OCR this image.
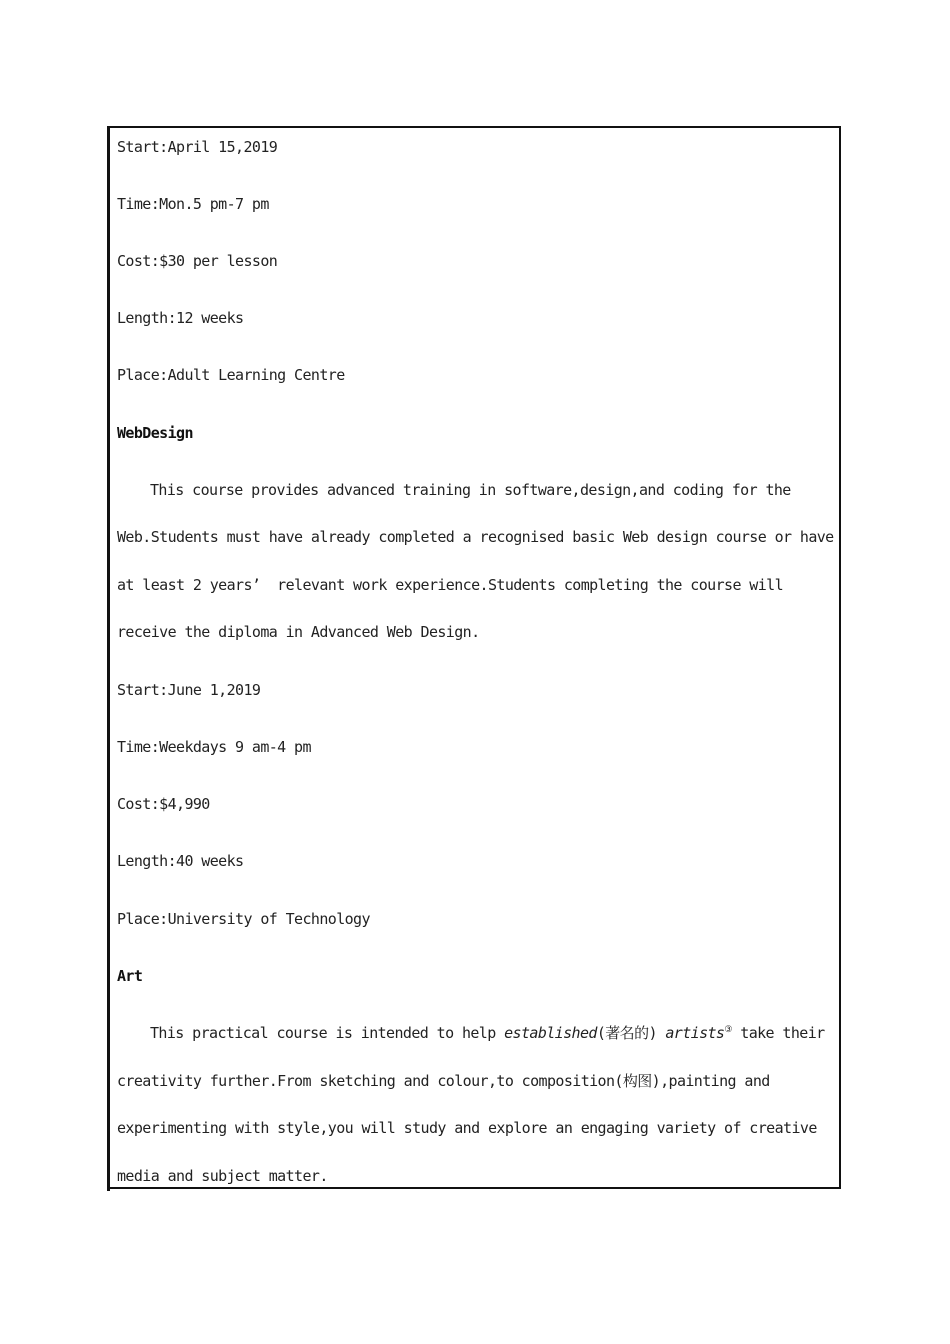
Start:April 15,2019
Time:Mon.5 pm-7 pm
Cost:$30 per lesson
Length:12 weeks
Place:Adult Learning Centre
WebDesign
This course provides advanced training in software,design,and coding for the
Web.Students must have already completed a recognised basic Web design course or have
at least 2 years’  relevant work experience.Students completing the course will
receive the diploma in Advanced Web Design.
Start:June 1,2019
Time:Weekdays 9 am-4 pm
Cost:$4,990
Length:40 weeks
Place:University of Technology
Art
This practical course is intended to help established(著名的) artists③ take their
creativity further.From sketching and colour,to composition(构图),painting and
experimenting with style,you will study and explore an engaging variety of creative
media and subject matter.
